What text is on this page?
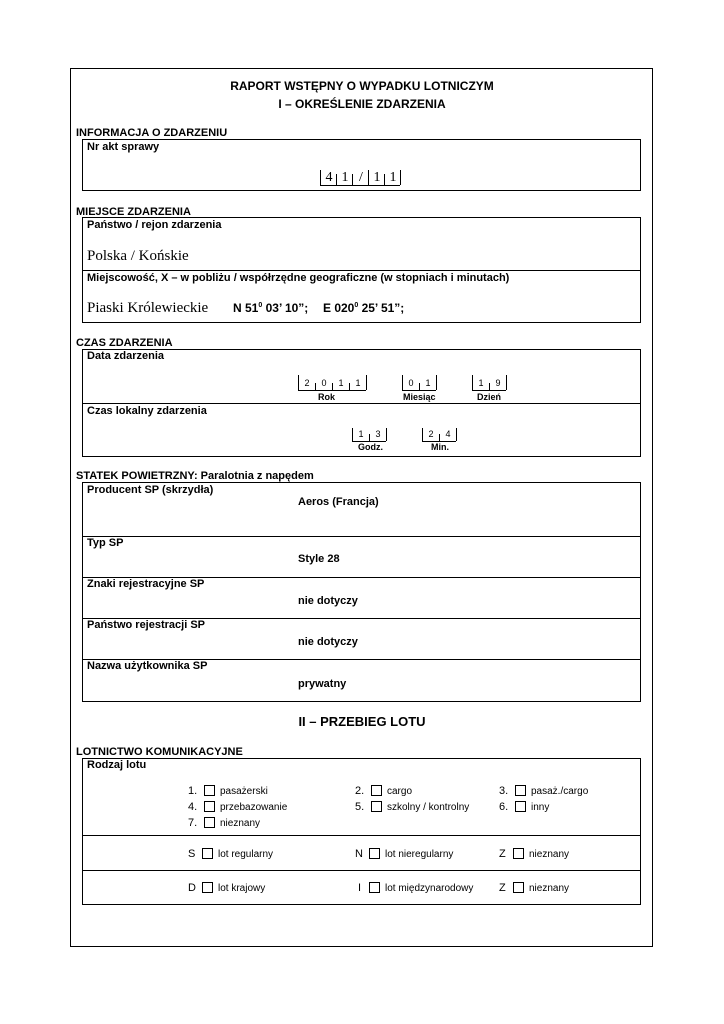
RAPORT WSTĘPNY O WYPADKU LOTNICZYM
I – OKREŚLENIE ZDARZENIA
INFORMACJA O ZDARZENIU
Nr akt sprawy
4 1 / 1 1
MIEJSCE ZDARZENIA
Państwo / rejon zdarzenia
Polska / Końskie
Miejscowość, X – w pobliżu / współrzędne geograficzne (w stopniach i minutach)
Piaski Królewieckie N $51^0$ 03’ 10”; E $020^0$ 25’ 51”;
CZAS ZDARZENIA
Data zdarzenia
2	0	1	1
Rok
0	1
Miesiąc
1	9
Dzień
Czas lokalny zdarzenia
1	3
Godz.
2	4
Min.
STATEK POWIETRZNY: Paralotnia z napędem
Producent SP (skrzydła)
Aeros (Francja)
Typ SP
Style 28
Znaki rejestracyjne SP
nie dotyczy
Państwo rejestracji SP
nie dotyczy
Nazwa użytkownika SP
prywatny
II – PRZEBIEG LOTU
LOTNICTWO KOMUNIKACYJNE
Rodzaj lotu
1. pasażerski	2. cargo	3. pasaż./cargo
4. przebazowanie	5. szkolny / kontrolny	6. inny
7. nieznany
S lot regularny	N lot nieregularny	Z nieznany
D lot krajowy	I lot międzynarodowy Z nieznany
